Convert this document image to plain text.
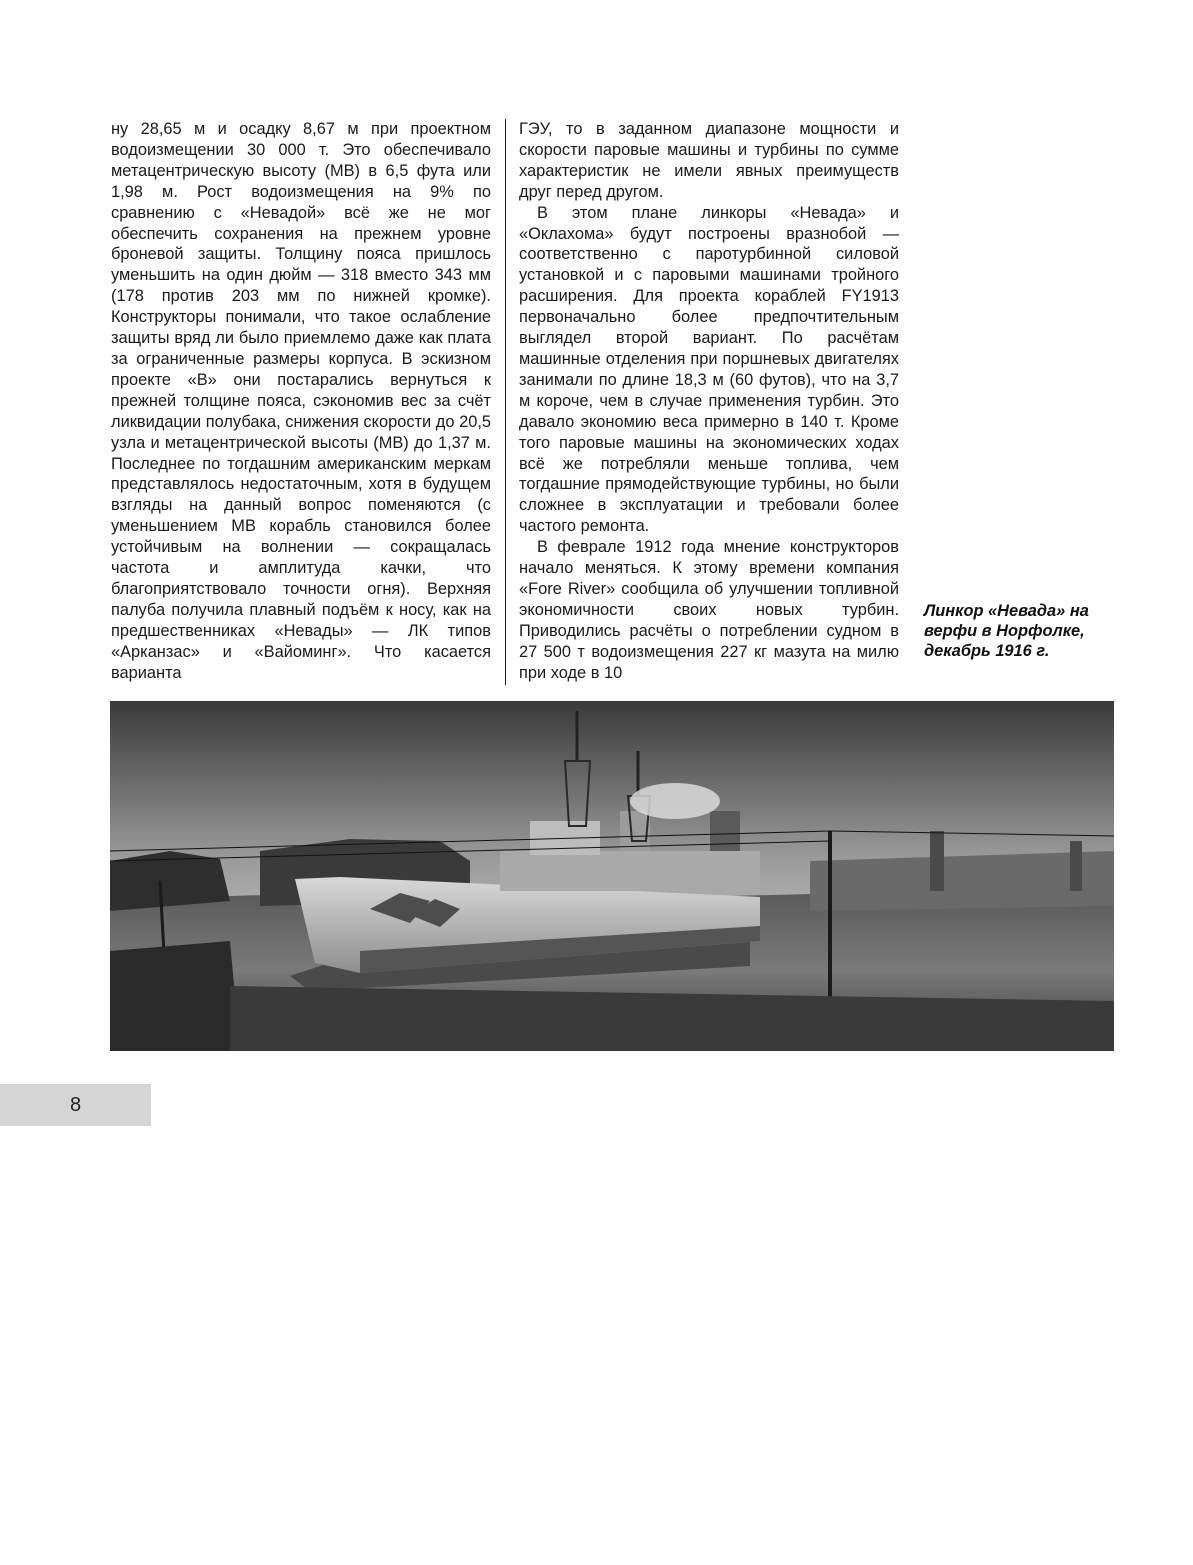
ну 28,65 м и осадку 8,67 м при проектном водоизмещении 30 000 т. Это обеспечивало метацентрическую высоту (МВ) в 6,5 фута или 1,98 м. Рост водоизмещения на 9% по сравнению с «Невадой» всё же не мог обеспечить сохранения на прежнем уровне броневой защиты. Толщину пояса пришлось уменьшить на один дюйм — 318 вместо 343 мм (178 против 203 мм по нижней кромке). Конструкторы понимали, что такое ослабление защиты вряд ли было приемлемо даже как плата за ограниченные размеры корпуса. В эскизном проекте «В» они постарались вернуться к прежней толщине пояса, сэкономив вес за счёт ликвидации полубака, снижения скорости до 20,5 узла и метацентрической высоты (МВ) до 1,37 м. Последнее по тогдашним американским меркам представлялось недостаточным, хотя в будущем взгляды на данный вопрос поменяются (с уменьшением МВ корабль становился более устойчивым на волнении — сокращалась частота и амплитуда качки, что благоприятствовало точности огня). Верхняя палуба получила плавный подъём к носу, как на предшественниках «Невады» — ЛК типов «Арканзас» и «Вайоминг». Что касается варианта

ГЭУ, то в заданном диапазоне мощности и скорости паровые машины и турбины по сумме характеристик не имели явных преимуществ друг перед другом.

В этом плане линкоры «Невада» и «Оклахома» будут построены вразнобой — соответственно с паротурбинной силовой установкой и с паровыми машинами тройного расширения. Для проекта кораблей FY1913 первоначально более предпочтительным выглядел второй вариант. По расчётам машинные отделения при поршневых двигателях занимали по длине 18,3 м (60 футов), что на 3,7 м короче, чем в случае применения турбин. Это давало экономию веса примерно в 140 т. Кроме того паровые машины на экономических ходах всё же потребляли меньше топлива, чем тогдашние прямодействующие турбины, но были сложнее в эксплуатации и требовали более частого ремонта.

В феврале 1912 года мнение конструкторов начало меняться. К этому времени компания «Fore River» сообщила об улучшении топливной экономичности своих новых турбин. Приводились расчёты о потреблении судном в 27 500 т водоизмещения 227 кг мазута на милю при ходе в 10

Линкор «Невада» на верфи в Норфолке, декабрь 1916 г.
8
